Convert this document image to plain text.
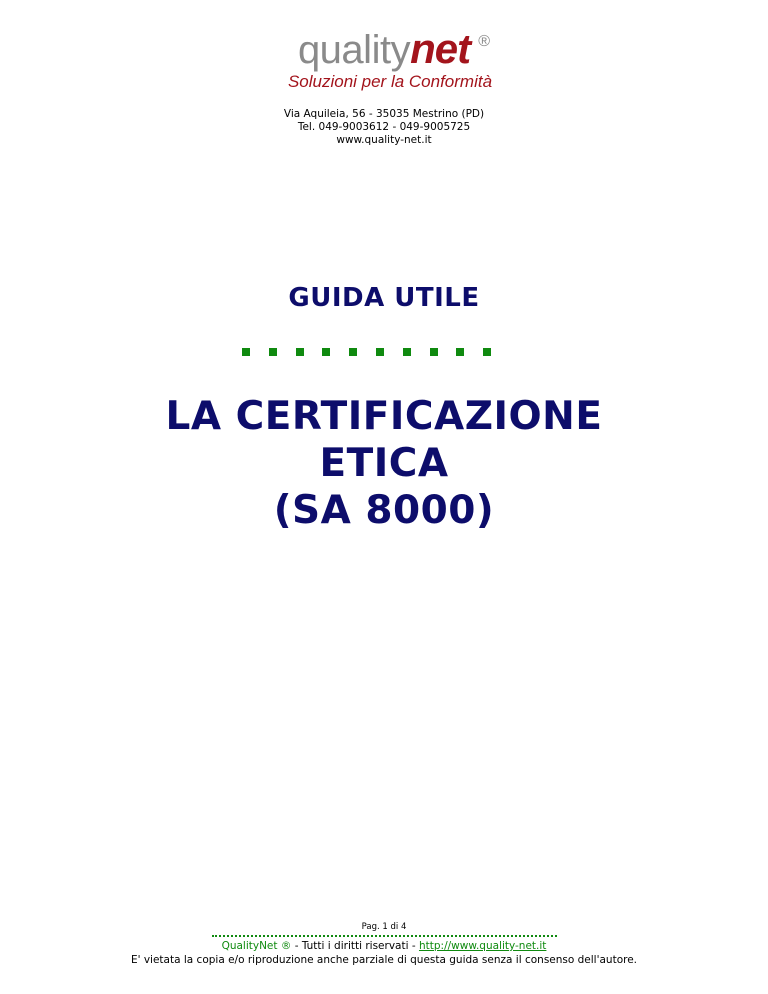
qualitynet ®
Soluzioni per la Conformità
Via Aquileia, 56 - 35035 Mestrino (PD)
Tel. 049-9003612 - 049-9005725
www.quality-net.it
GUIDA UTILE
LA CERTIFICAZIONE
ETICA
(SA 8000)
Pag. 1 di 4
QualityNet ® - Tutti i diritti riservati - http://www.quality-net.it
E' vietata la copia e/o riproduzione anche parziale di questa guida senza il consenso dell'autore.
